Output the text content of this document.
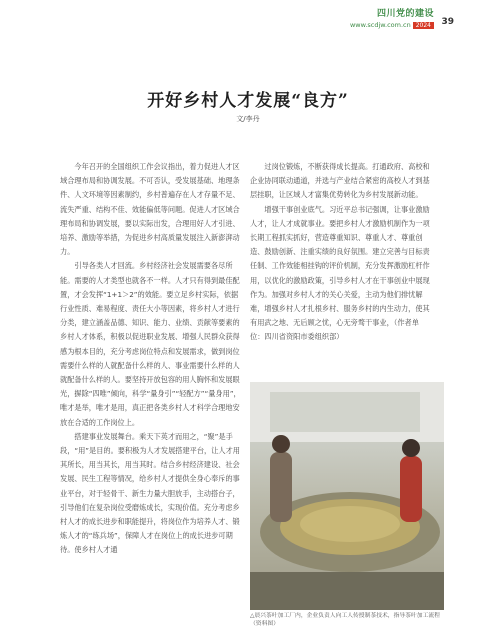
四川党的建设
www.scdjw.com.cn 2024	39
开好乡村人才发展“良方”
文/李丹

今年召开的全国组织工作会议指出，着力促进人才区域合理布局和协调发展。不可否认，受发展基础、地理条件、人文环境等因素制约，乡村普遍存在人才存量不足、流失严重、结构不佳、效能偏低等问题。促进人才区域合理布局和协调发展，要以实际出发，合理用好人才引进、培养、激励等举措，为促进乡村高质量发展注入新澎湃动力。

引导各类人才回流。乡村经济社会发展需要各尽所能。需要的人才类型也就各不一样。人才只有得到最佳配置，才会发挥“1+1＞2”的效能。要立足乡村实际，依据行业性质、难易程度、责任大小等因素，将乡村人才进行分类，建立涵盖品德、知识、能力、业绩、贡献等要素的乡村人才体系，积极以促进职业发展、增强人民群众获得感为根本目的，充分考虑岗位特点和发展需求，做到岗位需要什么样的人就配备什么样的人、事业需要什么样的人就配备什么样的人。要坚持开放包容的用人胸怀和发展眼光，摒除“四唯”倾向，科学“量身引”“轻配方”“量身用”，唯才是举，唯才是用，真正把各类乡村人才科学合理地安放在合适的工作岗位上。

搭建事业发展舞台。乘天下英才而用之，“聚”是手段，“用”是目的。要积极为人才发展搭建平台，让人才用其所长，用当其长，用当其时。结合乡村经济建设、社会发展、民生工程等情况，给乡村人才提供全身心奉斥的事业平台，对于轻骨干、新生力量大胆放手，主动搭台子，引导他们在复杂岗位受磨炼成长，实现价值。充分考虑乡村人才的成长进步和职能提升，将岗位作为培养人才、锻炼人才的“练兵场”，保障人才在岗位上的成长进步可期待。使乡村人才通

过岗位锻炼，不断获得成长提高。打通政府、高校和企业协同联动通道，并选与产业结合紧密的高校人才到基层挂职，让区域人才富集优势转化为乡村发展新动能。

增强干事创业底气。习近平总书记强调，让事业激励人才，让人才成就事业。要把乡村人才激励机制作为一项长期工程抓实抓好，营造尊重知识、尊重人才、尊重创造、鼓励创新、注重实绩的良好氛围。建立完善与目标责任制、工作效能相挂钩的评价机制，充分发挥激励杠杆作用，以优化的激励政策，引导乡村人才在干事创业中展现作为。加强对乡村人才的关心关爱，主动为他们排忧解难，增强乡村人才扎根乡村、服务乡村的内生动力，使其有用武之地、无后顾之忧，心无旁骛干事业，（作者单位：四川省资阳市委组织部）

△晨兴茶叶加工厂内，企业负责人向工人传授制茶技术，指导茶叶加工流程（资料图）
